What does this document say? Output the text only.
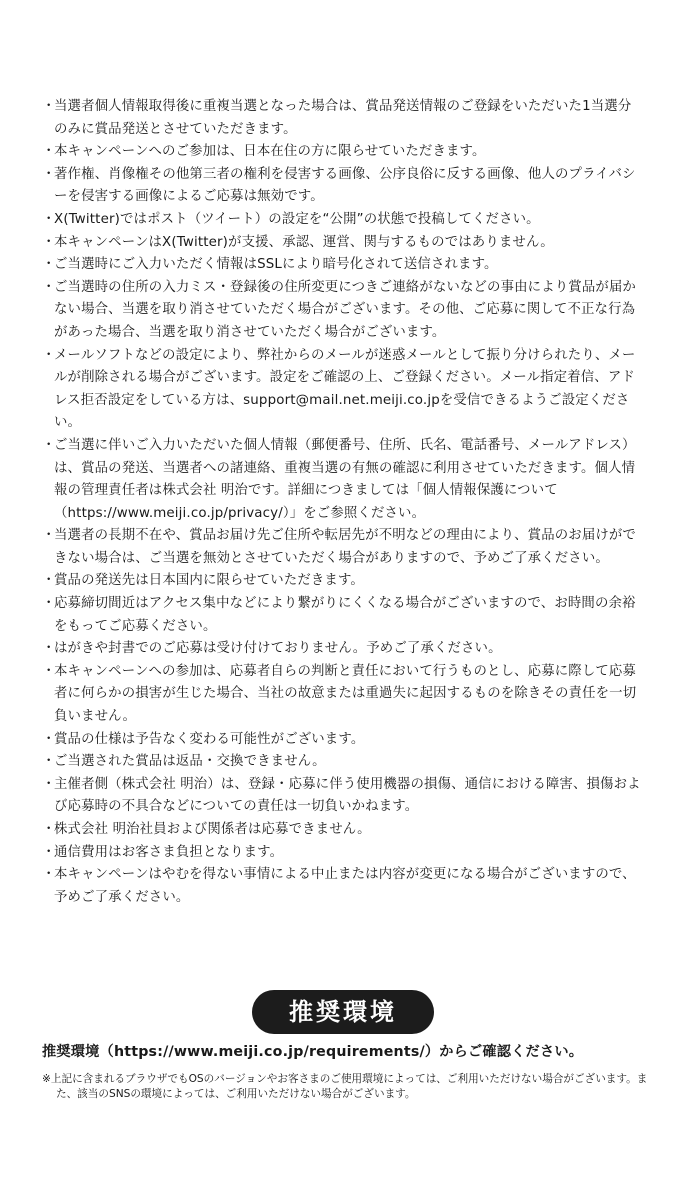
・
当選者個人情報取得後に重複当選となった場合は、賞品発送情報のご登録をいただいた1当選分のみに賞品発送とさせていただきます。
・
本キャンペーンへのご参加は、日本在住の方に限らせていただきます。
・
著作権、肖像権その他第三者の権利を侵害する画像、公序良俗に反する画像、他人のプライバシーを侵害する画像によるご応募は無効です。
・
X(Twitter)ではポスト（ツイート）の設定を“公開”の状態で投稿してください。
・
本キャンペーンはX(Twitter)が支援、承認、運営、関与するものではありません。
・
ご当選時にご入力いただく情報はSSLにより暗号化されて送信されます。
・
ご当選時の住所の入力ミス・登録後の住所変更につきご連絡がないなどの事由により賞品が届かない場合、当選を取り消させていただく場合がございます。その他、ご応募に関して不正な行為があった場合、当選を取り消させていただく場合がございます。
・
メールソフトなどの設定により、弊社からのメールが迷惑メールとして振り分けられたり、メールが削除される場合がございます。設定をご確認の上、ご登録ください。メール指定着信、アドレス拒否設定をしている方は、support@mail.net.meiji.co.jpを受信できるようご設定ください。
・
ご当選に伴いご入力いただいた個人情報（郵便番号、住所、氏名、電話番号、メールアドレス）は、賞品の発送、当選者への諸連絡、重複当選の有無の確認に利用させていただきます。個人情報の管理責任者は株式会社 明治です。詳細につきましては「個人情報保護について（https://www.meiji.co.jp/privacy/）」をご参照ください。
・
当選者の長期不在や、賞品お届け先ご住所や転居先が不明などの理由により、賞品のお届けができない場合は、ご当選を無効とさせていただく場合がありますので、予めご了承ください。
・
賞品の発送先は日本国内に限らせていただきます。
・
応募締切間近はアクセス集中などにより繋がりにくくなる場合がございますので、お時間の余裕をもってご応募ください。
・
はがきや封書でのご応募は受け付けておりません。予めご了承ください。
・
本キャンペーンへの参加は、応募者自らの判断と責任において行うものとし、応募に際して応募者に何らかの損害が生じた場合、当社の故意または重過失に起因するものを除きその責任を一切負いません。
・
賞品の仕様は予告なく変わる可能性がございます。
・
ご当選された賞品は返品・交換できません。
・
主催者側（株式会社 明治）は、登録・応募に伴う使用機器の損傷、通信における障害、損傷および応募時の不具合などについての責任は一切負いかねます。
・
株式会社 明治社員および関係者は応募できません。
・
通信費用はお客さま負担となります。
・
本キャンペーンはやむを得ない事情による中止または内容が変更になる場合がございますので、予めご了承ください。
推奨環境
推奨環境（https://www.meiji.co.jp/requirements/）からご確認ください。
※上記に含まれるブラウザでもOSのバージョンやお客さまのご使用環境によっては、ご利用いただけない場合がございます。また、該当のSNSの環境によっては、ご利用いただけない場合がございます。
